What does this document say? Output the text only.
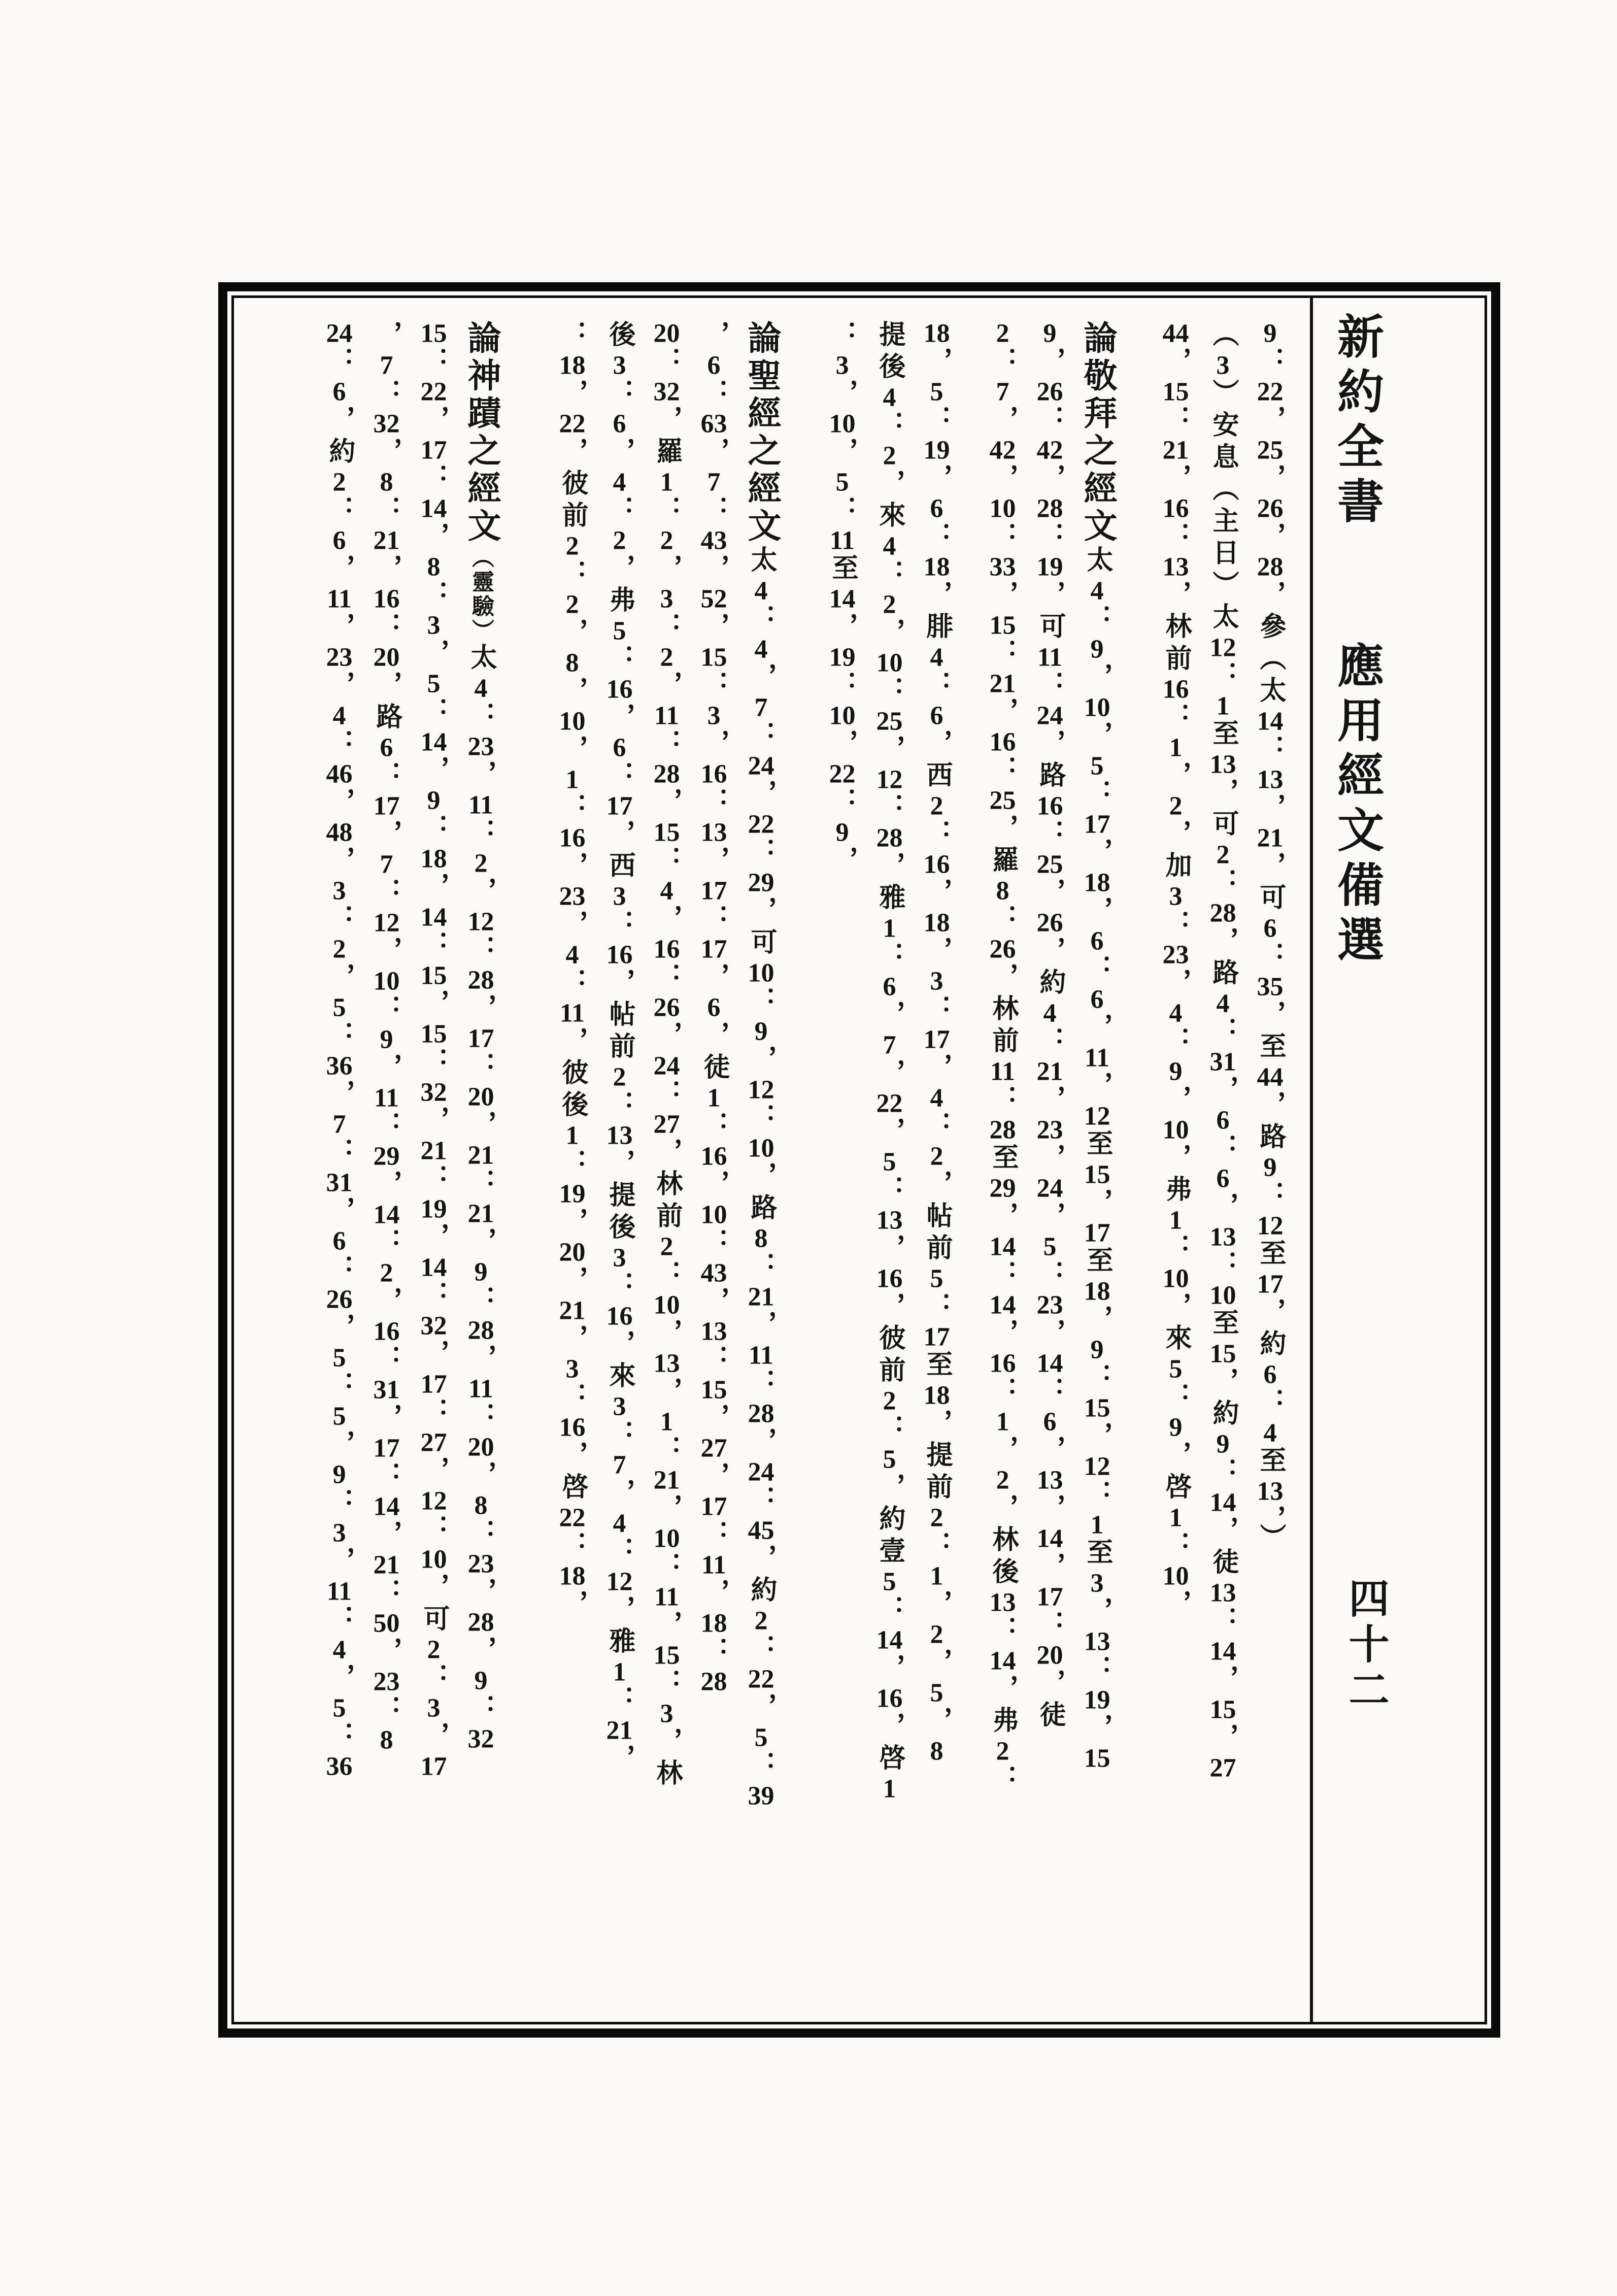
9：22，25，26，28，參（太14：13，21，可6：35，至44，路9：12至17，約6：4至13，）
（3）安息（主日）太12：1至13，可2：28，路4：31，6：6，13：10至15，約9：14，徒13：14，15，27
44，15：21，16：13，林前16：1，2，加3：23，4：9，10，弗1：10，來5：9，啓1：10，
論敬拜之經文太4：9，10，5：17，18，6：6，11，12至15，17至18，9：15，12：1至3，13：19，15
9，26：42，28：19，可11：24，路16：25，26，約4：21，23，24，5：23，14：6，13，14，17：20，徒
2：7，42，10：33，15：21，16：25，羅8：26，林前11：28至29，14：14，16：1，2，林後13：14，弗2：
18，5：19，6：18，腓4：6，西2：16，18，3：17，4：2，帖前5：17至18，提前2：1，2，5，8
提後4：2，來4：2，10：25，12：28，雅1：6，7，22，5：13，16，彼前2：5，約壹5：14，16，啓1
：3，10，5：11至14，19：10，22：9，
論聖經之經文太4：4，7：24，22：29，可10：9，12：10，路8：21，11：28，24：45，約2：22，5：39
，6：63，7：43，52，15：3，16：13，17：17，6，徒1：16，10：43，13：15，27，17：11，18：28
20：32，羅1：2，3：2，11：28，15：4，16：26，24：27，林前2：10，13，1：21，10：11，15：3，林
後3：6，4：2，弗5：16，6：17，西3：16，帖前2：13，提後3：16，來3：7，4：12，雅1：21，
：18，22，彼前2：2，8，10，1：16，23，4：11，彼後1：19，20，21，3：16，啓22：18，
論神蹟之經文（靈驗）太4：23，11：2，12：28，17：20，21：21，9：28，11：20，8：23，28，9：32
15：22，17：14，8：3，5：14，9：18，14：15，15：32，21：19，14：32，17：27，12：10，可2：3，17
，7：32，8：21，16：20，路6：17，7：12，10：9，11：29，14：2，16：31，17：14，21：50，23：8
24：6，約2：6，11，23，4：46，48，3：2，5：36，7：31，6：26，5：5，9：3，11：4，5：36
新約全書　　應用經文備選
四十二
